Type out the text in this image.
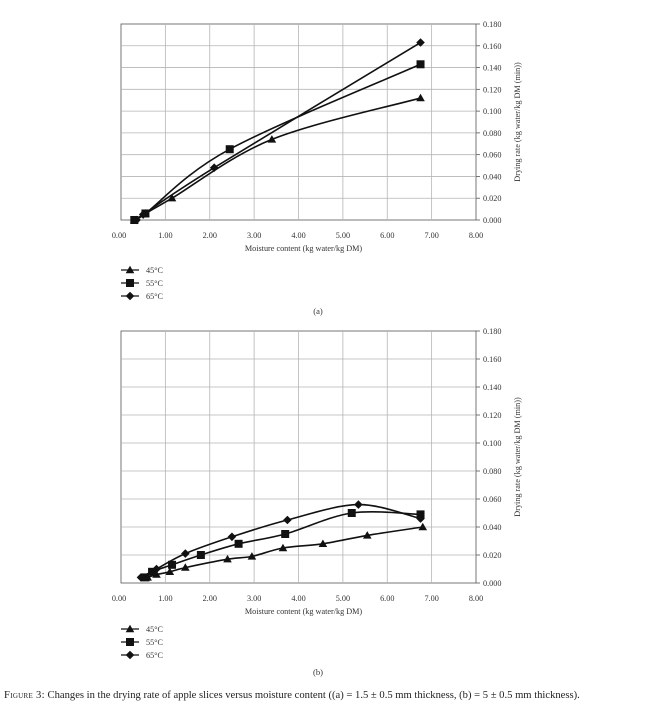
0.00	1.00	2.00	3.00	4.00	5.00	6.00	7.00	8.00
0.000
0.020
0.040
0.060
0.080
0.100
0.120
0.140
0.160
0.180
Moisture content (kg water/kg DM)
Drying rate (kg water/kg DM (min))
45°C
55°C
65°C
(a)
0.00	1.00	2.00	3.00	4.00	5.00	6.00	7.00	8.00
0.000
0.020
0.040
0.060
0.080
0.100
0.120
0.140
0.160
0.180
Moisture content (kg water/kg DM)
Drying rate (kg water/kg DM (min))
45°C
55°C
65°C
(b)
Figure 3: Changes in the drying rate of apple slices versus moisture content ((a) = 1.5 ± 0.5 mm thickness, (b) = 5 ± 0.5 mm thickness).
